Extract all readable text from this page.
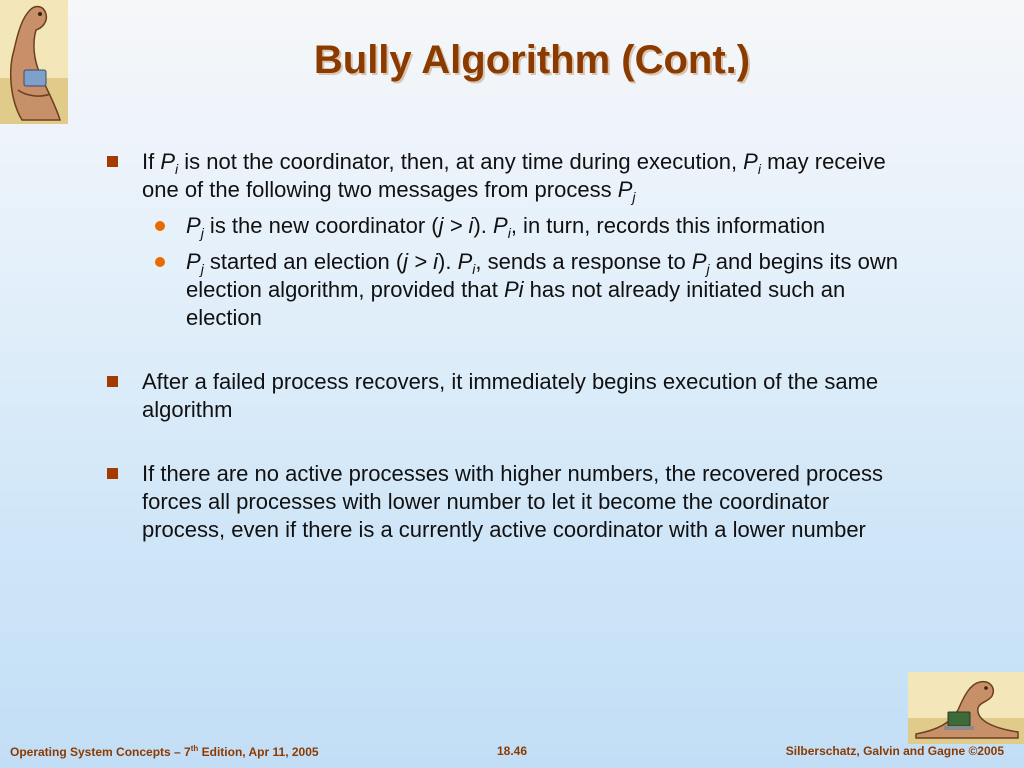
Bully Algorithm (Cont.)
If $P_i$ is not the coordinator, then, at any time during execution, $P_i$ may receive one of the following two messages from process $P_j$
$P_j$ is the new coordinator (j > i). $P_i$, in turn, records this information
$P_j$ started an election (j > i). $P_i$, sends a response to $P_j$ and begins its own election algorithm, provided that Pi has not already initiated such an election
After a failed process recovers, it immediately begins execution of the same algorithm
If there are no active processes with higher numbers, the recovered process forces all processes with lower number to let it become the coordinator process, even if there is a currently active coordinator with a lower number
Operating System Concepts – 7th Edition, Apr 11, 2005	18.46	Silberschatz, Galvin and Gagne ©2005
